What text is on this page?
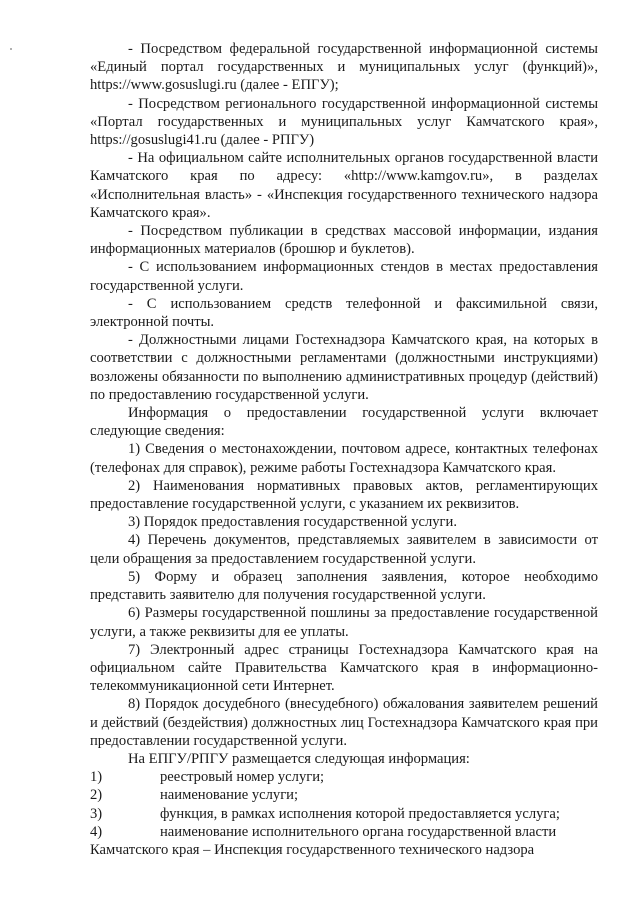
- Посредством федеральной государственной информационной системы «Единый портал государственных и муниципальных услуг (функций)», https://www.gosuslugi.ru (далее - ЕПГУ);

- Посредством регионального государственной информационной системы «Портал государственных и муниципальных услуг Камчатского края», https://gosuslugi41.ru (далее - РПГУ)

- На официальном сайте исполнительных органов государственной власти Камчатского края по адресу: «http://www.kamgov.ru», в разделах «Исполнительная власть» - «Инспекция государственного технического надзора Камчатского края».

- Посредством публикации в средствах массовой информации, издания информационных материалов (брошюр и буклетов).

- С использованием информационных стендов в местах предоставления государственной услуги.

- С использованием средств телефонной и факсимильной связи, электронной почты.

- Должностными лицами Гостехнадзора Камчатского края, на которых в соответствии с должностными регламентами (должностными инструкциями) возложены обязанности по выполнению административных процедур (действий) по предоставлению государственной услуги.

Информация о предоставлении государственной услуги включает следующие сведения:

1) Сведения о местонахождении, почтовом адресе, контактных телефонах (телефонах для справок), режиме работы Гостехнадзора Камчатского края.

2) Наименования нормативных правовых актов, регламентирующих предоставление государственной услуги, с указанием их реквизитов.

3) Порядок предоставления государственной услуги.

4) Перечень документов, представляемых заявителем в зависимости от цели обращения за предоставлением государственной услуги.

5) Форму и образец заполнения заявления, которое необходимо представить заявителю для получения государственной услуги.

6) Размеры государственной пошлины за предоставление государственной услуги, а также реквизиты для ее уплаты.

7) Электронный адрес страницы Гостехнадзора Камчатского края на официальном сайте Правительства Камчатского края в информационно-телекоммуникационной сети Интернет.

8) Порядок досудебного (внесудебного) обжалования заявителем решений и действий (бездействия) должностных лиц Гостехнадзора Камчатского края при предоставлении государственной услуги.

На ЕПГУ/РПГУ размещается следующая информация:

1)	реестровый номер услуги;
2)	наименование услуги;
3)	функция, в рамках исполнения которой предоставляется услуга;
4)	наименование исполнительного органа государственной власти

Камчатского края – Инспекция государственного технического надзора
